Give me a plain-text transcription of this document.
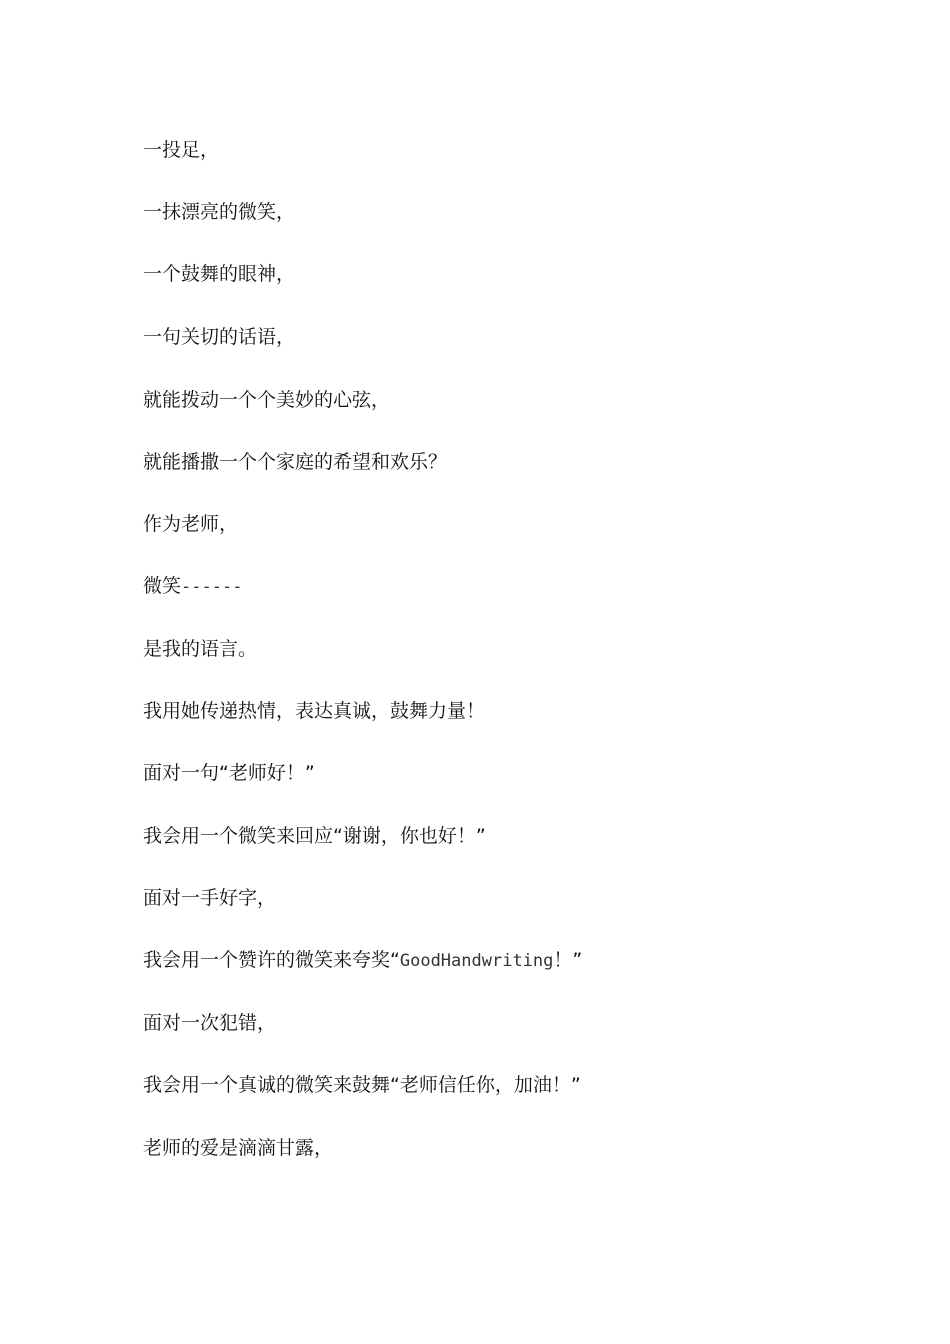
一投足，
一抹漂亮的微笑，
一个鼓舞的眼神，
一句关切的话语，
就能拨动一个个美妙的心弦，
就能播撒一个个家庭的希望和欢乐？
作为老师，
微笑------
是我的语言。
我用她传递热情，表达真诚，鼓舞力量！
面对一句“老师好！”
我会用一个微笑来回应“谢谢，你也好！”
面对一手好字，
我会用一个赞许的微笑来夸奖“GoodHandwriting！”
面对一次犯错，
我会用一个真诚的微笑来鼓舞“老师信任你，加油！”
老师的爱是滴滴甘露，
